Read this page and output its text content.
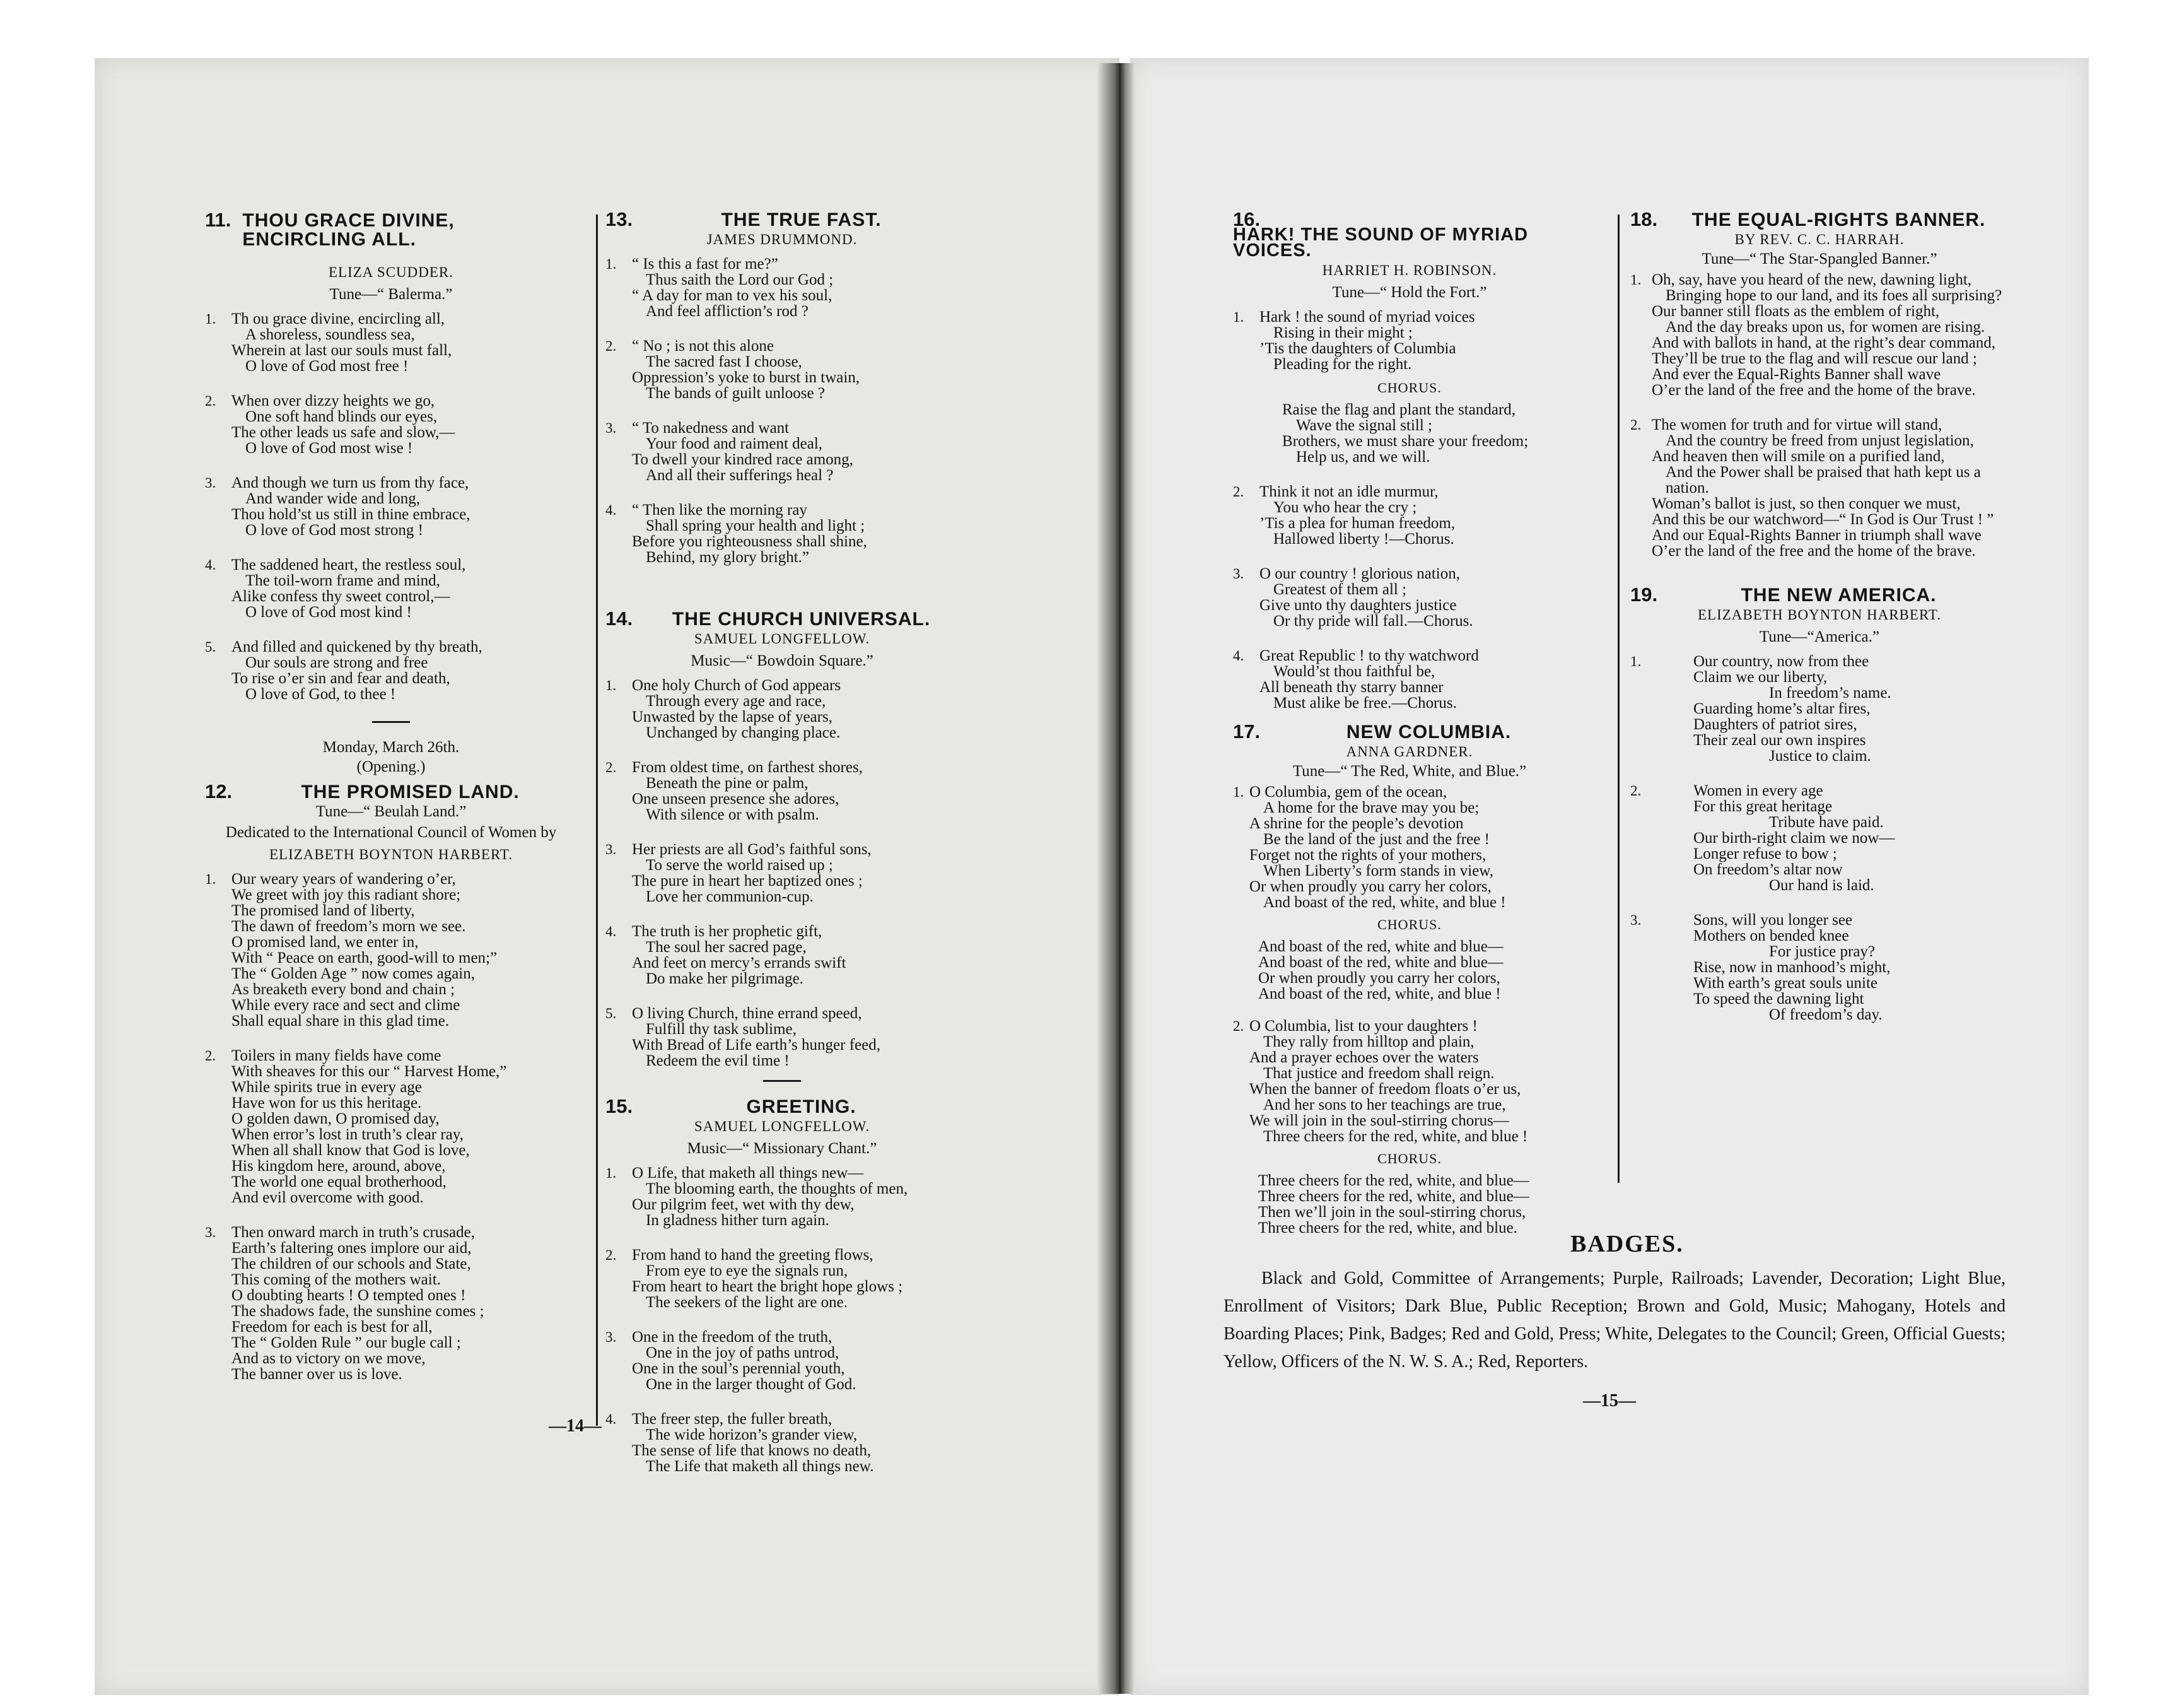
11. THOU GRACE DIVINE, ENCIRCLING ALL.
ELIZA SCUDDER.
Tune—“ Balerma.”
1. Th ou grace divine, encircling all,
A shoreless, soundless sea,
Wherein at last our souls must fall,
O love of God most free !
2. When over dizzy heights we go,
One soft hand blinds our eyes,
The other leads us safe and slow,—
O love of God most wise !
3. And though we turn us from thy face,
And wander wide and long,
Thou hold’st us still in thine embrace,
O love of God most strong !
4. The saddened heart, the restless soul,
The toil-worn frame and mind,
Alike confess thy sweet control,—
O love of God most kind !
5. And filled and quickened by thy breath,
Our souls are strong and free
To rise o’er sin and fear and death,
O love of God, to thee !
Monday, March 26th.
(Opening.)
12.	THE PROMISED LAND.
Tune—“ Beulah Land.”
Dedicated to the International Council of Women by
ELIZABETH BOYNTON HARBERT.
1. Our weary years of wandering o’er,
We greet with joy this radiant shore;
The promised land of liberty,
The dawn of freedom’s morn we see.
O promised land, we enter in,
With “ Peace on earth, good-will to men;”
The “ Golden Age ” now comes again,
As breaketh every bond and chain ;
While every race and sect and clime
Shall equal share in this glad time.
2. Toilers in many fields have come
With sheaves for this our “ Harvest Home,”
While spirits true in every age
Have won for us this heritage.
O golden dawn, O promised day,
When error’s lost in truth’s clear ray,
When all shall know that God is love,
His kingdom here, around, above,
The world one equal brotherhood,
And evil overcome with good.
3. Then onward march in truth’s crusade,
Earth’s faltering ones implore our aid,
The children of our schools and State,
This coming of the mothers wait.
O doubting hearts ! O tempted ones !
The shadows fade, the sunshine comes ;
Freedom for each is best for all,
The “ Golden Rule ” our bugle call ;
And as to victory on we move,
The banner over us is love.
13.	THE TRUE FAST.
JAMES DRUMMOND.
1. “ Is this a fast for me?”
Thus saith the Lord our God ;
“ A day for man to vex his soul,
And feel affliction’s rod ?
2. “ No ; is not this alone
The sacred fast I choose,
Oppression’s yoke to burst in twain,
The bands of guilt unloose ?
3. “ To nakedness and want
Your food and raiment deal,
To dwell your kindred race among,
And all their sufferings heal ?
4. “ Then like the morning ray
Shall spring your health and light ;
Before you righteousness shall shine,
Behind, my glory bright.”
14.	THE CHURCH UNIVERSAL.
SAMUEL LONGFELLOW.
Music—“ Bowdoin Square.”
1. One holy Church of God appears
Through every age and race,
Unwasted by the lapse of years,
Unchanged by changing place.
2. From oldest time, on farthest shores,
Beneath the pine or palm,
One unseen presence she adores,
With silence or with psalm.
3. Her priests are all God’s faithful sons,
To serve the world raised up ;
The pure in heart her baptized ones ;
Love her communion-cup.
4. The truth is her prophetic gift,
The soul her sacred page,
And feet on mercy’s errands swift
Do make her pilgrimage.
5. O living Church, thine errand speed,
Fulfill thy task sublime,
With Bread of Life earth’s hunger feed,
Redeem the evil time !
15.	GREETING.
SAMUEL LONGFELLOW.
Music—“ Missionary Chant.”
1. O Life, that maketh all things new—
The blooming earth, the thoughts of men,
Our pilgrim feet, wet with thy dew,
In gladness hither turn again.
2. From hand to hand the greeting flows,
From eye to eye the signals run,
From heart to heart the bright hope glows ;
The seekers of the light are one.
3. One in the freedom of the truth,
One in the joy of paths untrod,
One in the soul’s perennial youth,
One in the larger thought of God.
4. The freer step, the fuller breath,
The wide horizon’s grander view,
The sense of life that knows no death,
The Life that maketh all things new.
—14—
16.
HARK! THE SOUND OF MYRIAD VOICES.
HARRIET H. ROBINSON.
Tune—“ Hold the Fort.”
1. Hark ! the sound of myriad voices
Rising in their might ;
’Tis the daughters of Columbia
Pleading for the right.
CHORUS.
Raise the flag and plant the standard,
Wave the signal still ;
Brothers, we must share your freedom;
Help us, and we will.
2. Think it not an idle murmur,
You who hear the cry ;
’Tis a plea for human freedom,
Hallowed liberty !—Chorus.
3. O our country ! glorious nation,
Greatest of them all ;
Give unto thy daughters justice
Or thy pride will fall.—Chorus.
4. Great Republic ! to thy watchword
Would’st thou faithful be,
All beneath thy starry banner
Must alike be free.—Chorus.
17.	NEW COLUMBIA.
ANNA GARDNER.
Tune—“ The Red, White, and Blue.”
1. O Columbia, gem of the ocean,
A home for the brave may you be;
A shrine for the people’s devotion
Be the land of the just and the free !
Forget not the rights of your mothers,
When Liberty’s form stands in view,
Or when proudly you carry her colors,
And boast of the red, white, and blue !
CHORUS.
And boast of the red, white and blue—
And boast of the red, white and blue—
Or when proudly you carry her colors,
And boast of the red, white, and blue !
2. O Columbia, list to your daughters !
They rally from hilltop and plain,
And a prayer echoes over the waters
That justice and freedom shall reign.
When the banner of freedom floats o’er us,
And her sons to her teachings are true,
We will join in the soul-stirring chorus—
Three cheers for the red, white, and blue !
CHORUS.
Three cheers for the red, white, and blue—
Three cheers for the red, white, and blue—
Then we’ll join in the soul-stirring chorus,
Three cheers for the red, white, and blue.
18.	THE EQUAL-RIGHTS BANNER.
BY REV. C. C. HARRAH.
Tune—“ The Star-Spangled Banner.”
1. Oh, say, have you heard of the new, dawning light,
Bringing hope to our land, and its foes all surprising?
Our banner still floats as the emblem of right,
And the day breaks upon us, for women are rising.
And with ballots in hand, at the right’s dear command,
They’ll be true to the flag and will rescue our land ;
And ever the Equal-Rights Banner shall wave
O’er the land of the free and the home of the brave.
2. The women for truth and for virtue will stand,
And the country be freed from unjust legislation,
And heaven then will smile on a purified land,
And the Power shall be praised that hath kept us a nation.
Woman’s ballot is just, so then conquer we must,
And this be our watchword—“ In God is Our Trust ! ”
And our Equal-Rights Banner in triumph shall wave
O’er the land of the free and the home of the brave.
19.	THE NEW AMERICA.
ELIZABETH BOYNTON HARBERT.
Tune—“America.”
1.	Our country, now from thee
Claim we our liberty,
In freedom’s name.
Guarding home’s altar fires,
Daughters of patriot sires,
Their zeal our own inspires
Justice to claim.
2.	Women in every age
For this great heritage
Tribute have paid.
Our birth-right claim we now—
Longer refuse to bow ;
On freedom’s altar now
Our hand is laid.
3.	Sons, will you longer see
Mothers on bended knee
For justice pray?
Rise, now in manhood’s might,
With earth’s great souls unite
To speed the dawning light
Of freedom’s day.
BADGES.
Black and Gold, Committee of Arrangements; Purple, Railroads; Lavender, Decoration; Light Blue, Enrollment of Visitors; Dark Blue, Public Reception; Brown and Gold, Music; Mahogany, Hotels and Boarding Places; Pink, Badges; Red and Gold, Press; White, Delegates to the Council; Green, Official Guests; Yellow, Officers of the N. W. S. A.; Red, Reporters.
—15—
